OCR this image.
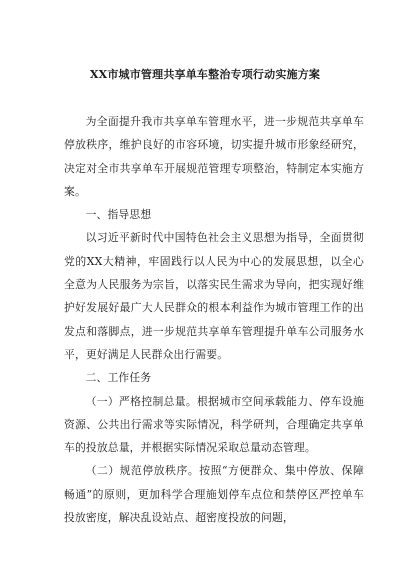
XX市城市管理共享单车整治专项行动实施方案

为全面提升我市共享单车管理水平，进一步规范共享单车停放秩序，维护良好的市容环境，切实提升城市形象经研究，决定对全市共享单车开展规范管理专项整治，特制定本实施方案。

一、指导思想

以习近平新时代中国特色社会主义思想为指导，全面贯彻党的XX大精神，牢固践行以人民为中心的发展思想，以全心全意为人民服务为宗旨，以落实民生需求为导向，把实现好维护好发展好最广大人民群众的根本利益作为城市管理工作的出发点和落脚点，进一步规范共享单车管理提升单车公司服务水平，更好满足人民群众出行需要。

二、工作任务

（一）严格控制总量。根据城市空间承载能力、停车设施资源、公共出行需求等实际情况，科学研判，合理确定共享单车的投放总量，并根据实际情况采取总量动态管理。

（二）规范停放秩序。按照“方便群众、集中停放、保障畅通”的原则，更加科学合理施划停车点位和禁停区严控单车投放密度，解决乱设站点、超密度投放的问题，
